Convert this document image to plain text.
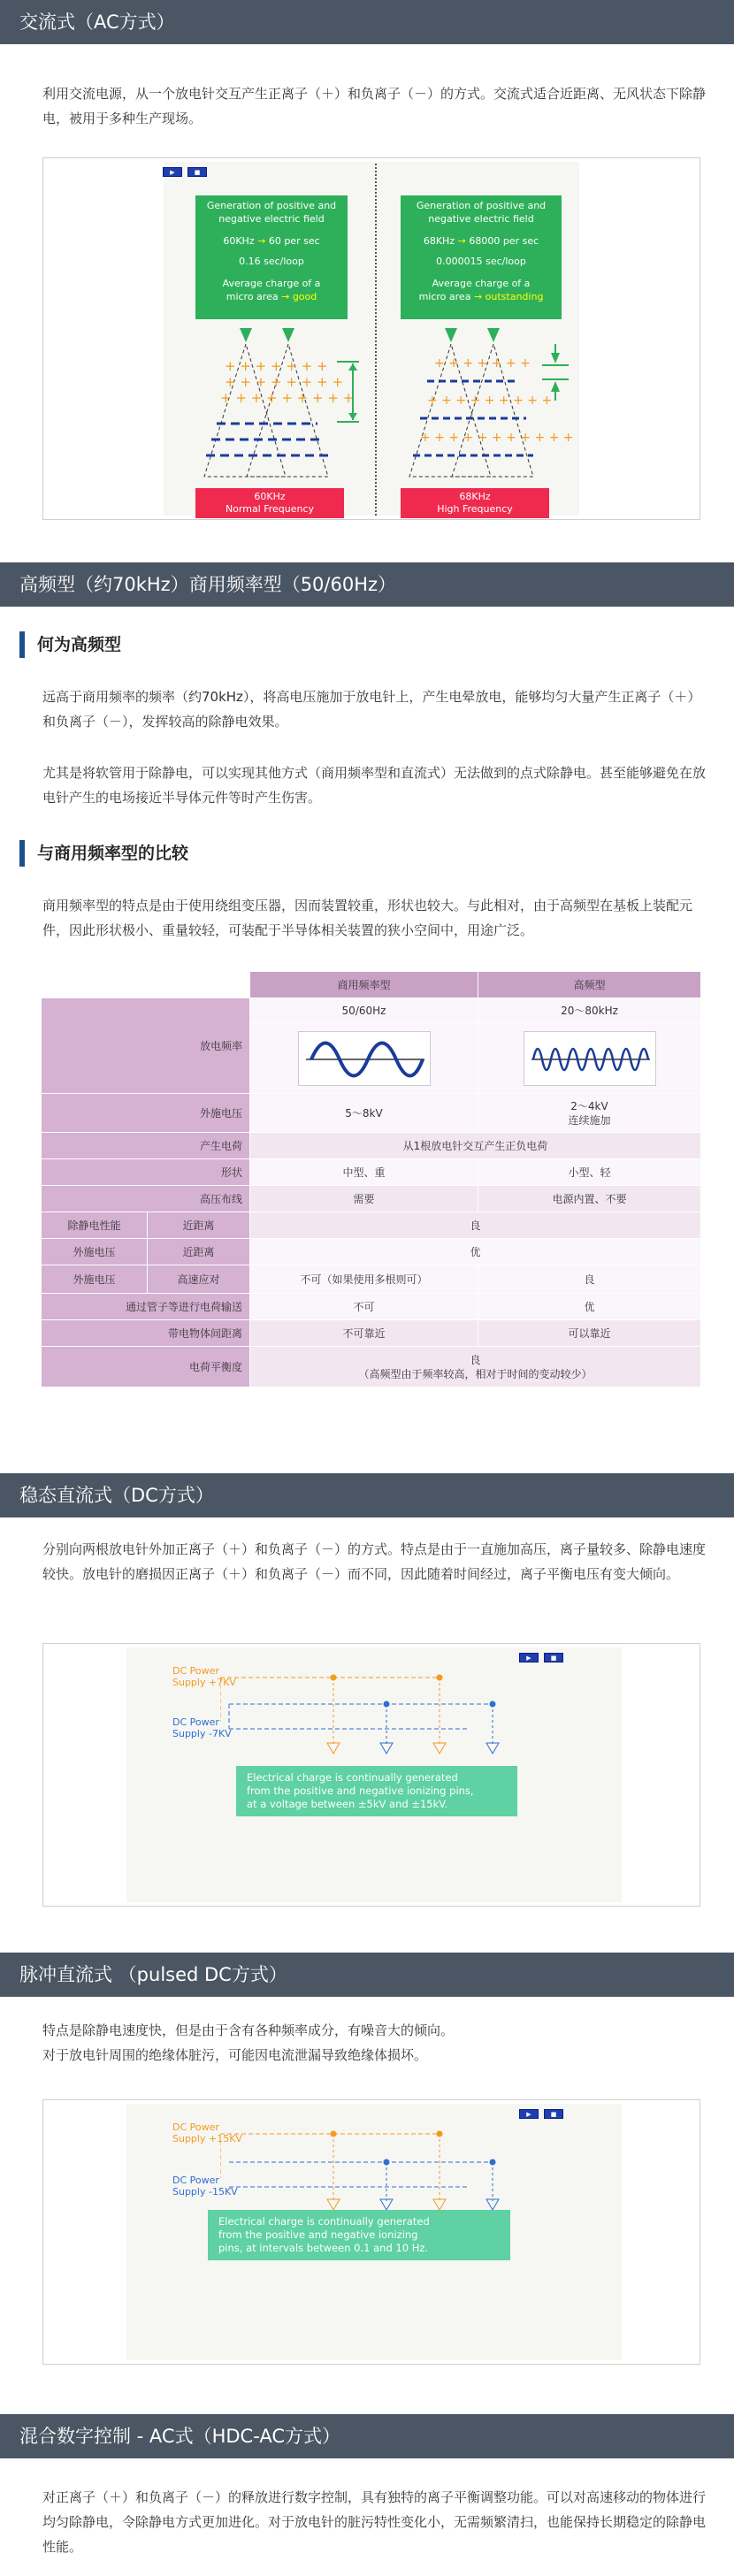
交流式（AC方式）
利用交流电源，从一个放电针交互产生正离子（＋）和负离子（－）的方式。交流式适合近距离、无风状态下除静电，被用于多种生产现场。
▶	■
Generation of positive and
negative electric field
60KHz → 60 per sec
0.16 sec/loop
Average charge of a
micro area → good
+ + + + + + +
+ + + + + + + +
+ + + + + + + + +
60KHz
Normal Frequency
Generation of positive and
negative electric field
68KHz → 68000 per sec
0.000015 sec/loop
Average charge of a
micro area → outstanding
+ + + + + + +
+ + + + + + + + +
+ + + + + + + + + + +
68KHz
High Frequency
高频型（约70kHz）商用频率型（50/60Hz）
何为高频型
远高于商用频率的频率（约70kHz），将高电压施加于放电针上，产生电晕放电，能够均匀大量产生正离子（＋）和负离子（－），发挥较高的除静电效果。
尤其是将软管用于除静电，可以实现其他方式（商用频率型和直流式）无法做到的点式除静电。甚至能够避免在放电针产生的电场接近半导体元件等时产生伤害。
与商用频率型的比较
商用频率型的特点是由于使用绕组变压器，因而装置较重，形状也较大。与此相对，由于高频型在基板上装配元件，因此形状极小、重量较轻，可装配于半导体相关装置的狭小空间中，用途广泛。
		商用频率型	高频型
放电频率		50/60Hz	20～80kHz

外施电压		5～8kV	2～4kV
连续施加

产生电荷		从1根放电针交互产生正负电荷	
形状		中型、重	小型、轻
高压布线		需要	电源内置、不要
除静电性能	近距离	良	
外施电压	近距离	优	
外施电压	高速应对	不可（如果使用多根则可）	良
通过管子等进行电荷输送		不可	优
带电物体间距离		不可靠近	可以靠近
电荷平衡度		良
（高频型由于频率较高，相对于时间的变动较少）	
稳态直流式（DC方式）
分别向两根放电针外加正离子（＋）和负离子（－）的方式。特点是由于一直施加高压，离子量较多、除静电速度较快。放电针的磨损因正离子（＋）和负离子（－）而不同，因此随着时间经过，离子平衡电压有变大倾向。
▶	■
DC Power
Supply +7KV
DC Power
Supply -7KV
Electrical charge is continually generated
from the positive and negative ionizing pins,
at a voltage between ±5kV and ±15kV.
脉冲直流式 （pulsed DC方式）
特点是除静电速度快，但是由于含有各种频率成分，有噪音大的倾向。
对于放电针周围的绝缘体脏污，可能因电流泄漏导致绝缘体损坏。
▶	■
DC Power
Supply +15KV
DC Power
Supply -15KV
Electrical charge is continually generated
from the positive and negative ionizing
pins, at intervals between 0.1 and 10 Hz.
混合数字控制 - AC式（HDC-AC方式）
对正离子（＋）和负离子（－）的释放进行数字控制，具有独特的离子平衡调整功能。可以对高速移动的物体进行均匀除静电，令除静电方式更加进化。对于放电针的脏污特性变化小，无需频繁清扫，也能保持长期稳定的除静电性能。
